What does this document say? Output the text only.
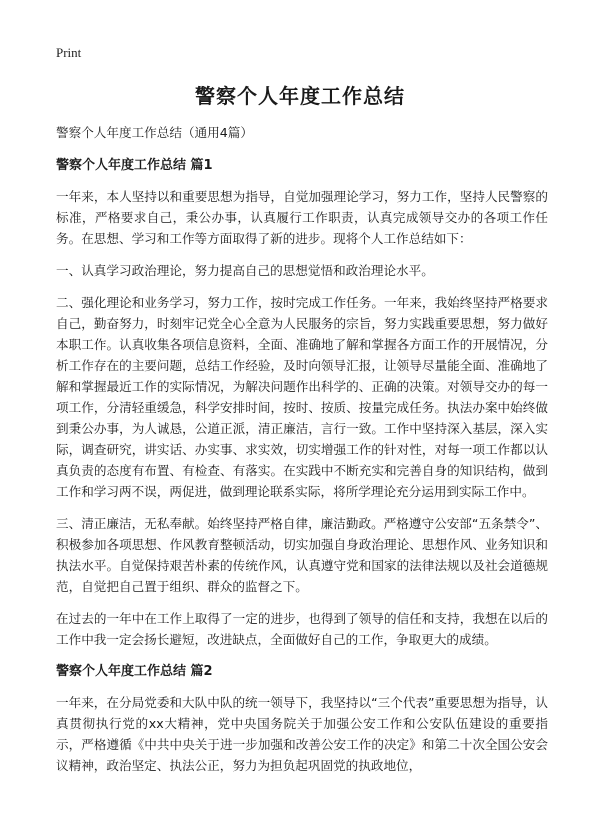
Print
警察个人年度工作总结

警察个人年度工作总结（通用4篇）

警察个人年度工作总结 篇1

一年来，本人坚持以和重要思想为指导，自觉加强理论学习，努力工作，坚持人民警察的标准，严格要求自己，秉公办事，认真履行工作职责，认真完成领导交办的各项工作任务。在思想、学习和工作等方面取得了新的进步。现将个人工作总结如下：

一、认真学习政治理论，努力提高自己的思想觉悟和政治理论水平。

二、强化理论和业务学习，努力工作，按时完成工作任务。一年来，我始终坚持严格要求自己，勤奋努力，时刻牢记党全心全意为人民服务的宗旨，努力实践重要思想，努力做好本职工作。认真收集各项信息资料，全面、准确地了解和掌握各方面工作的开展情况，分析工作存在的主要问题，总结工作经验，及时向领导汇报，让领导尽量能全面、准确地了解和掌握最近工作的实际情况，为解决问题作出科学的、正确的决策。对领导交办的每一项工作，分清轻重缓急，科学安排时间，按时、按质、按量完成任务。执法办案中始终做到秉公办事，为人诚恳，公道正派，清正廉洁，言行一致。工作中坚持深入基层，深入实际，调查研究，讲实话、办实事、求实效，切实增强工作的针对性，对每一项工作都以认真负责的态度有布置、有检查、有落实。在实践中不断充实和完善自身的知识结构，做到工作和学习两不误，两促进，做到理论联系实际，将所学理论充分运用到实际工作中。

三、清正廉洁，无私奉献。始终坚持严格自律，廉洁勤政。严格遵守公安部“五条禁令”、积极参加各项思想、作风教育整顿活动，切实加强自身政治理论、思想作风、业务知识和执法水平。自觉保持艰苦朴素的传统作风，认真遵守党和国家的法律法规以及社会道德规范，自觉把自己置于组织、群众的监督之下。

在过去的一年中在工作上取得了一定的进步，也得到了领导的信任和支持，我想在以后的工作中我一定会扬长避短，改进缺点，全面做好自己的工作，争取更大的成绩。

警察个人年度工作总结 篇2

一年来，在分局党委和大队中队的统一领导下，我坚持以“三个代表”重要思想为指导，认真贯彻执行党的xx大精神，党中央国务院关于加强公安工作和公安队伍建设的重要指示，严格遵循《中共中央关于进一步加强和改善公安工作的决定》和第二十次全国公安会议精神，政治坚定、执法公正，努力为担负起巩固党的执政地位，
